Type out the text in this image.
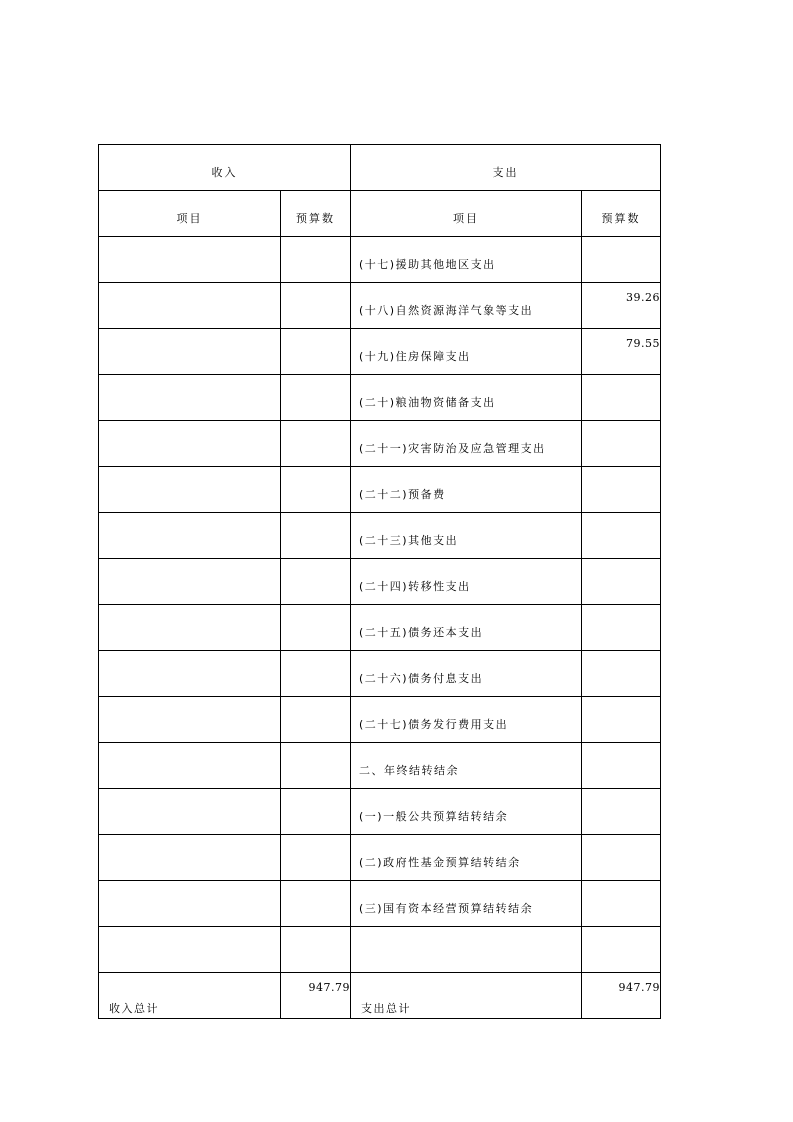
收入		支出	
项目	预算数	项目	预算数
		(十七)援助其他地区支出	
		(十八)自然资源海洋气象等支出	39.26
		(十九)住房保障支出	79.55
		(二十)粮油物资储备支出	
		(二十一)灾害防治及应急管理支出	
		(二十二)预备费	
		(二十三)其他支出	
		(二十四)转移性支出	
		(二十五)债务还本支出	
		(二十六)债务付息支出	
		(二十七)债务发行费用支出	
		二、年终结转结余	
		(一)一般公共预算结转结余	
		(二)政府性基金预算结转结余	
		(三)国有资本经营预算结转结余	

收入总计	947.79	支出总计	947.79
